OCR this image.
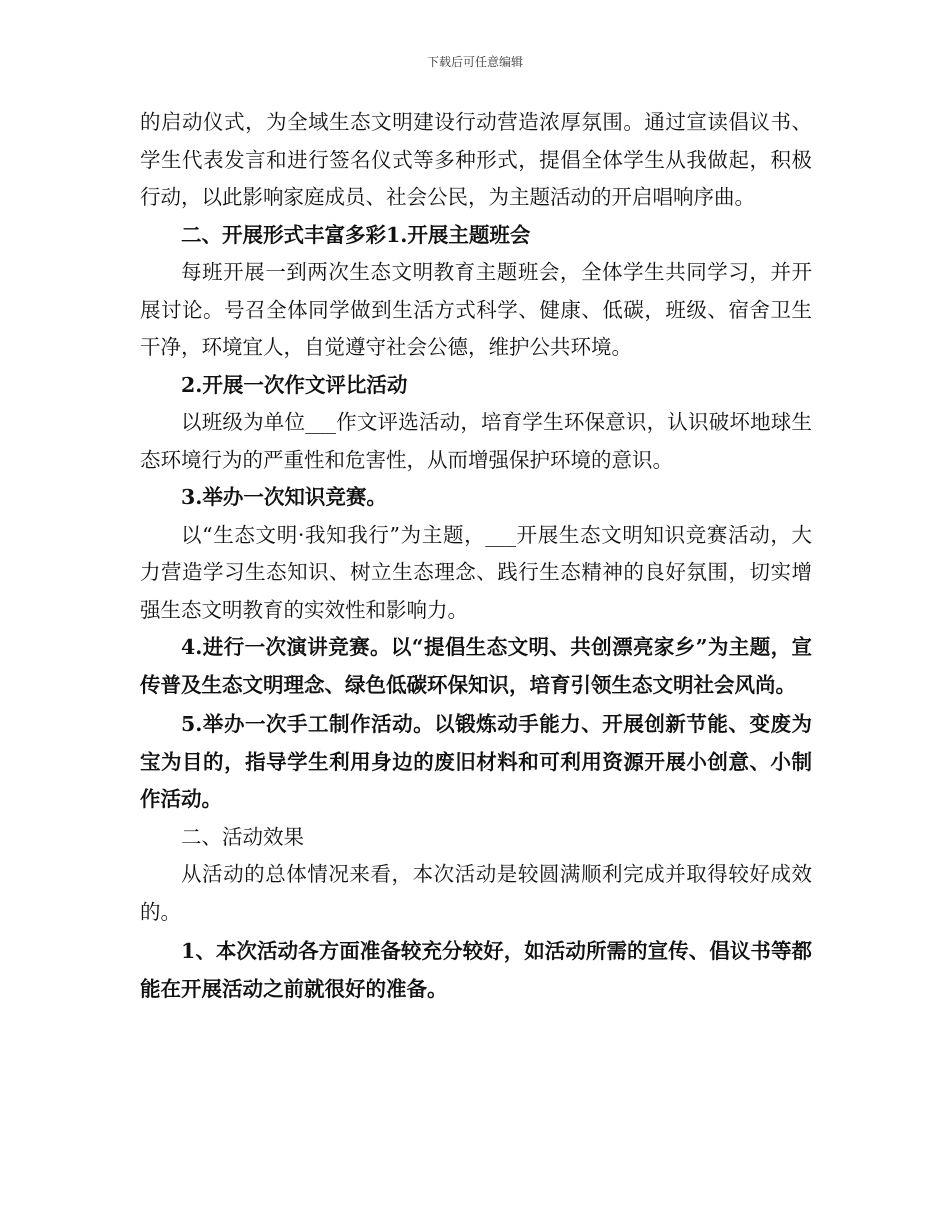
下载后可任意编辑

的启动仪式，为全域生态文明建设行动营造浓厚氛围。通过宣读倡议书、学生代表发言和进行签名仪式等多种形式，提倡全体学生从我做起，积极行动，以此影响家庭成员、社会公民，为主题活动的开启唱响序曲。

二、开展形式丰富多彩1.开展主题班会

每班开展一到两次生态文明教育主题班会，全体学生共同学习，并开展讨论。号召全体同学做到生活方式科学、健康、低碳，班级、宿舍卫生干净，环境宜人，自觉遵守社会公德，维护公共环境。

2.开展一次作文评比活动

以班级为单位___作文评选活动，培育学生环保意识，认识破坏地球生态环境行为的严重性和危害性，从而增强保护环境的意识。

3.举办一次知识竞赛。

以“生态文明·我知我行”为主题，___开展生态文明知识竞赛活动，大力营造学习生态知识、树立生态理念、践行生态精神的良好氛围，切实增强生态文明教育的实效性和影响力。

4.进行一次演讲竞赛。以“提倡生态文明、共创漂亮家乡”为主题，宣传普及生态文明理念、绿色低碳环保知识，培育引领生态文明社会风尚。

5.举办一次手工制作活动。以锻炼动手能力、开展创新节能、变废为宝为目的，指导学生利用身边的废旧材料和可利用资源开展小创意、小制作活动。

二、活动效果

从活动的总体情况来看，本次活动是较圆满顺利完成并取得较好成效的。

1、本次活动各方面准备较充分较好，如活动所需的宣传、倡议书等都能在开展活动之前就很好的准备。
